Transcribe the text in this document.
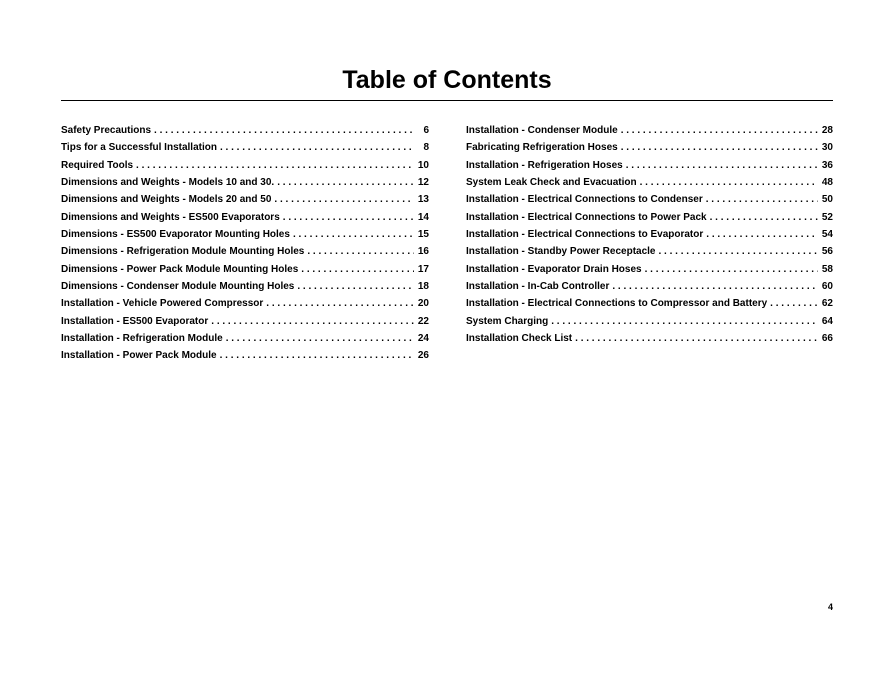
Table of Contents
Safety Precautions . . .	6
Tips for a Successful Installation . . .	8
Required Tools . . .	10
Dimensions and Weights - Models 10 and 30. . . .	12
Dimensions and Weights - Models 20 and 50 . . .	13
Dimensions and Weights - ES500 Evaporators . . .	14
Dimensions - ES500 Evaporator Mounting Holes . . .	15
Dimensions - Refrigeration Module Mounting Holes . . .	16
Dimensions - Power Pack Module Mounting Holes . . .	17
Dimensions - Condenser Module Mounting Holes . . .	18
Installation - Vehicle Powered Compressor . . .	20
Installation - ES500 Evaporator . . .	22
Installation - Refrigeration Module . . .	24
Installation - Power Pack Module . . .	26
Installation - Condenser Module . . .	28
Fabricating Refrigeration Hoses . . .	30
Installation - Refrigeration Hoses . . .	36
System Leak Check and Evacuation . . .	48
Installation - Electrical Connections to Condenser . . .	50
Installation - Electrical Connections to Power Pack . . .	52
Installation - Electrical Connections to Evaporator . . .	54
Installation - Standby Power Receptacle . . .	56
Installation - Evaporator Drain Hoses . . .	58
Installation - In-Cab Controller . . .	60
Installation - Electrical Connections to Compressor and Battery . . .	62
System Charging . . .	64
Installation Check List . . .	66
4
